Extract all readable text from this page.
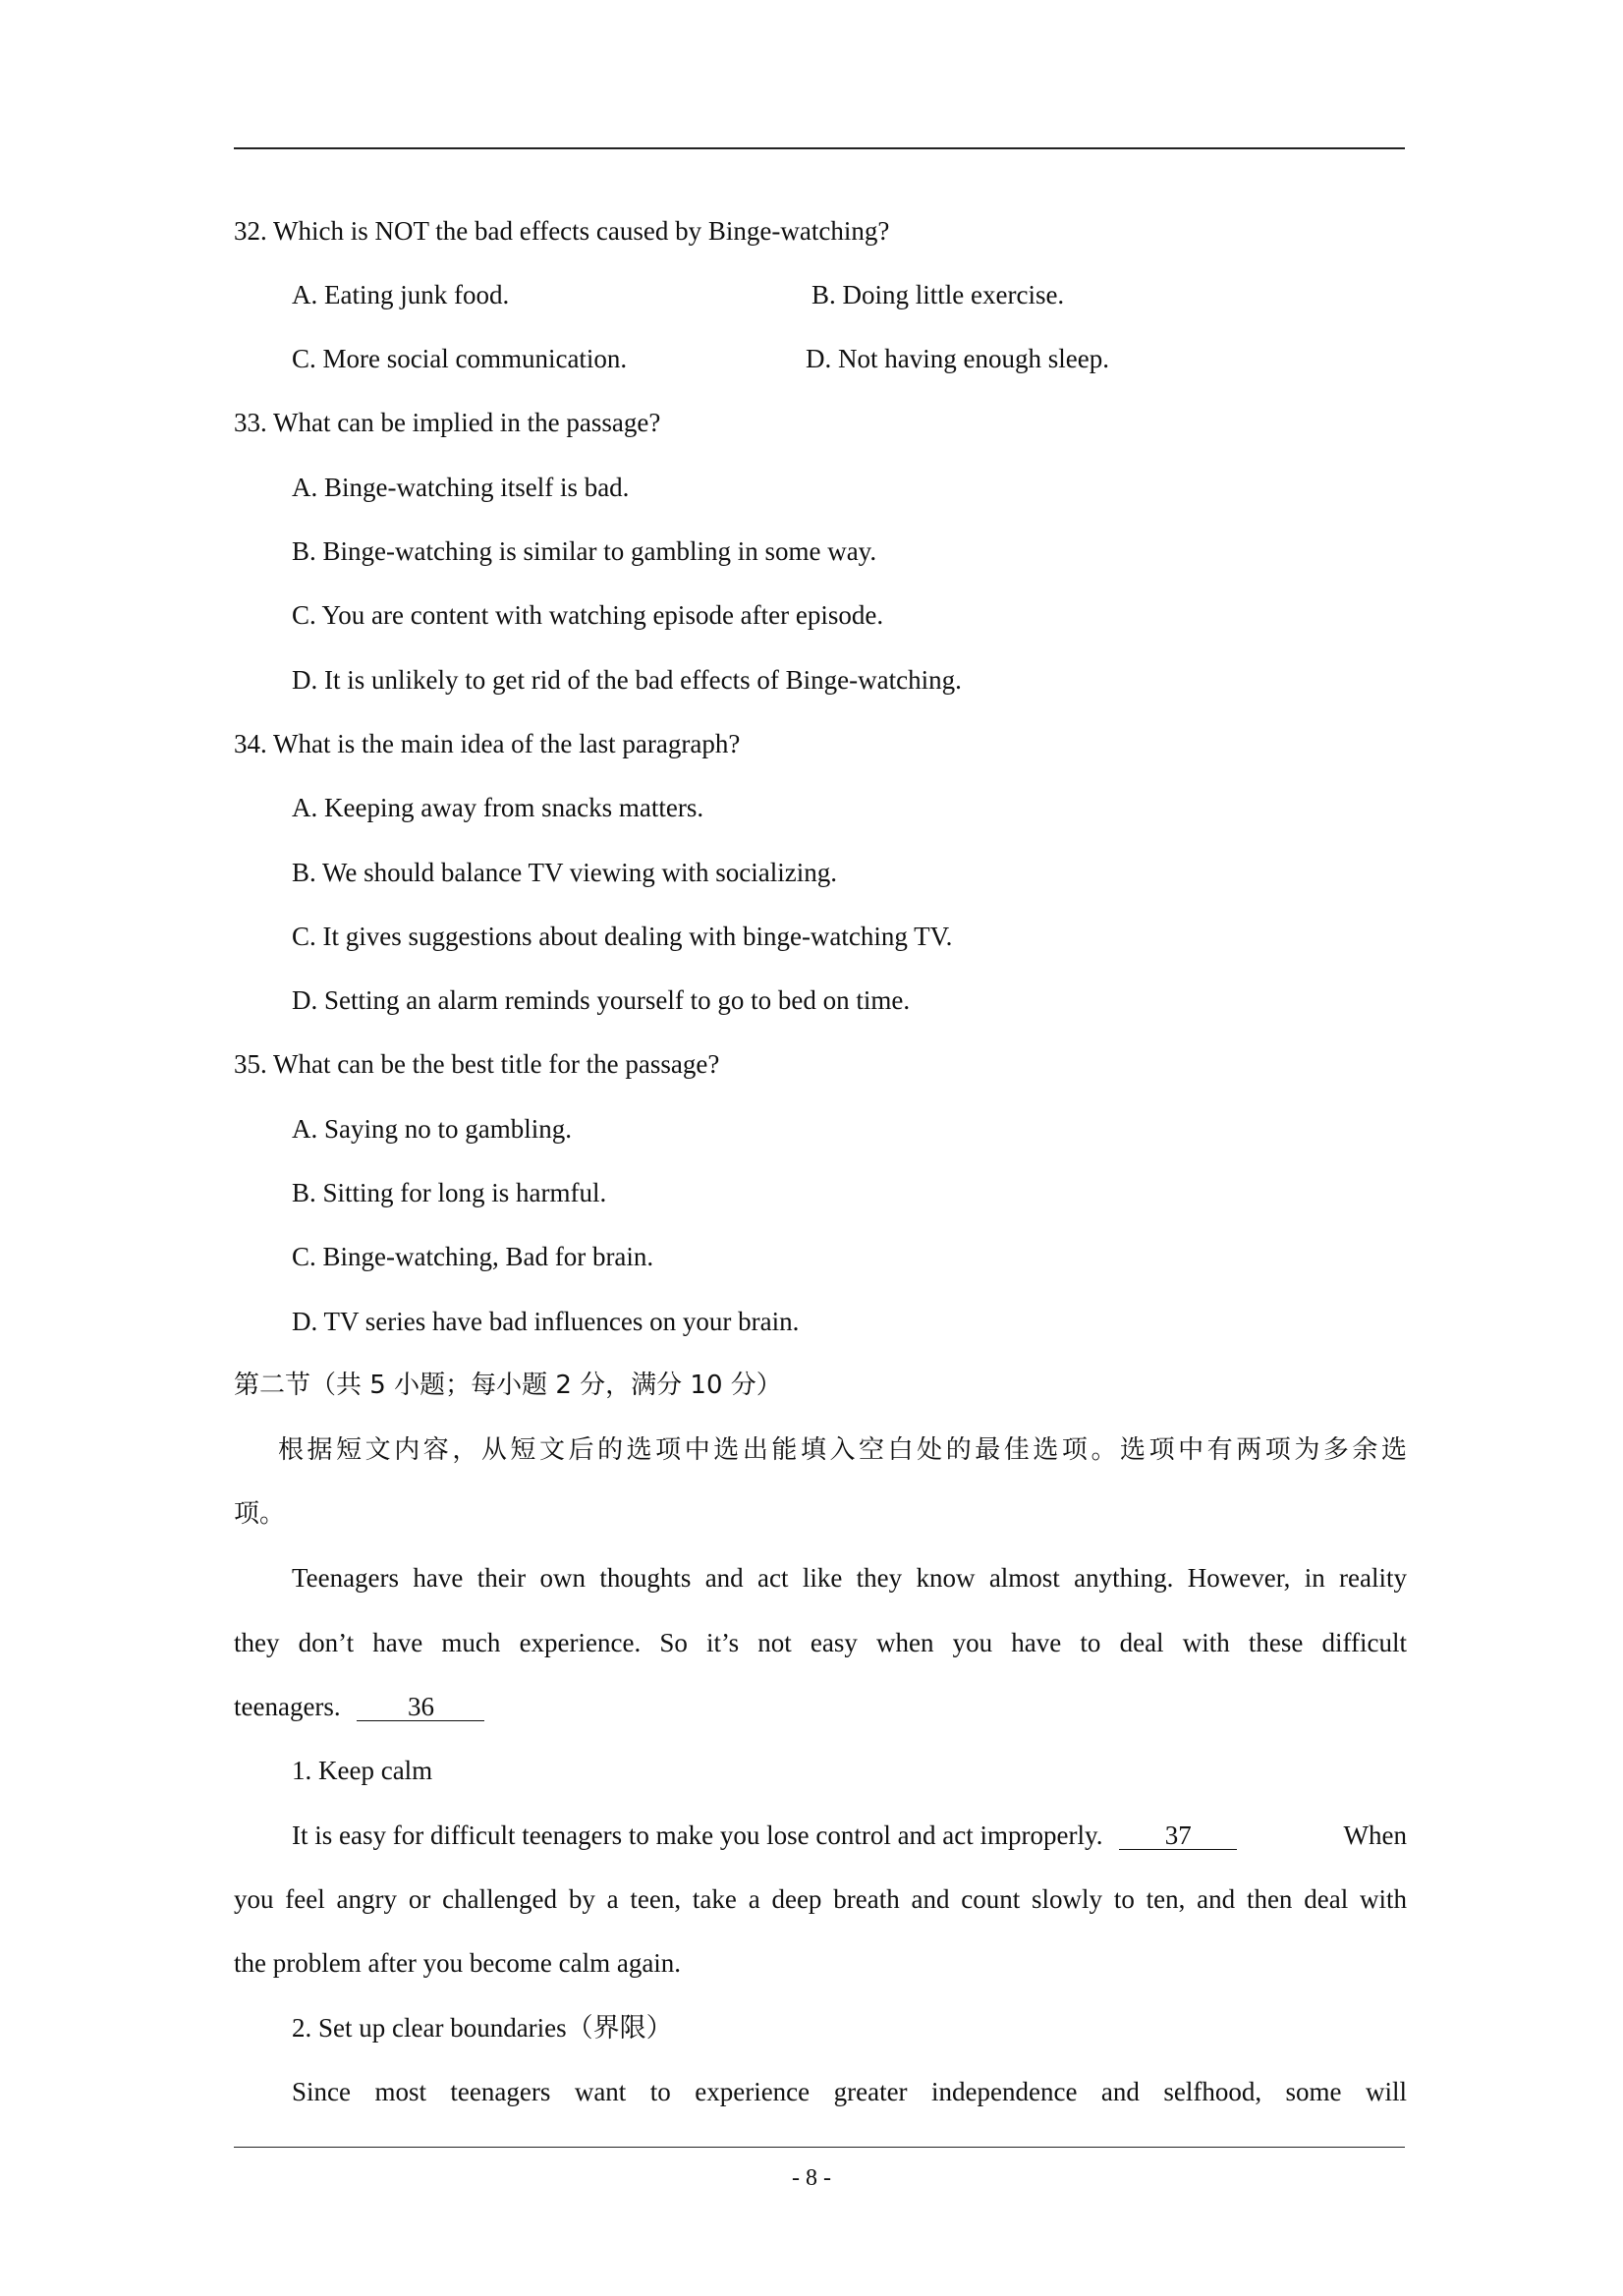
32. Which is NOT the bad effects caused by Binge-watching?
A. Eating junk food.	B. Doing little exercise.
C. More social communication.	D. Not having enough sleep.
33. What can be implied in the passage?
A. Binge-watching itself is bad.
B. Binge-watching is similar to gambling in some way.
C. You are content with watching episode after episode.
D. It is unlikely to get rid of the bad effects of Binge-watching.
34. What is the main idea of the last paragraph?
A. Keeping away from snacks matters.
B. We should balance TV viewing with socializing.
C. It gives suggestions about dealing with binge-watching TV.
D. Setting an alarm reminds yourself to go to bed on time.
35. What can be the best title for the passage?
A. Saying no to gambling.
B. Sitting for long is harmful.
C. Binge-watching, Bad for brain.
D. TV series have bad influences on your brain.
第二节（共 5 小题；每小题 2 分，满分 10 分）
根据短文内容，从短文后的选项中选出能填入空白处的最佳选项。选项中有两项为多余选
项。
Teenagers have their own thoughts and act like they know almost anything. However, in reality
they don’t have much experience. So it’s not easy when you have to deal with these difficult
teenagers.	36
1. Keep calm
It is easy for difficult teenagers to make you lose control and act improperly. 37	When
you feel angry or challenged by a teen, take a deep breath and count slowly to ten, and then deal with
the problem after you become calm again.
2. Set up clear boundaries（界限）
Since most teenagers want to experience greater independence and selfhood, some will
- 8 -
